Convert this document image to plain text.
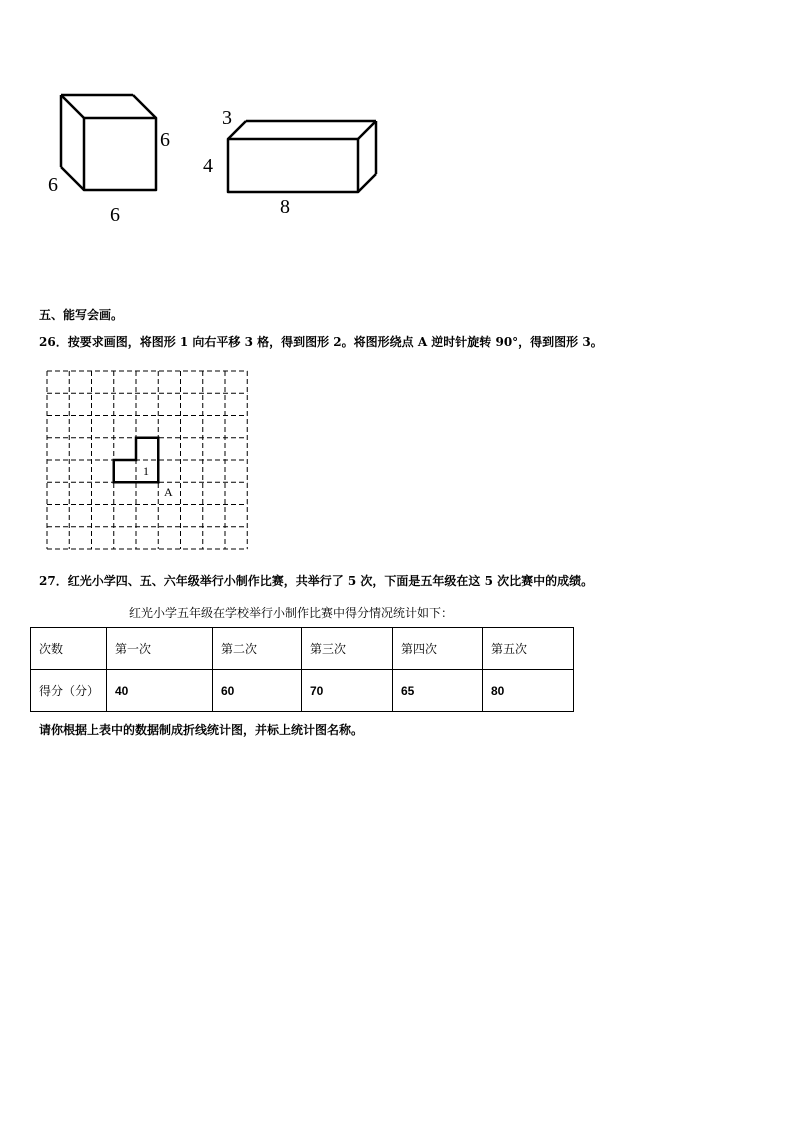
6
6
6
3
4
8
五、能写会画。
26．按要求画图，将图形 1 向右平移 3 格，得到图形 2。将图形绕点 A 逆时针旋转 90°，得到图形 3。
1
A
27．红光小学四、五、六年级举行小制作比赛，共举行了 5 次，下面是五年级在这 5 次比赛中的成绩。
红光小学五年级在学校举行小制作比赛中得分情况统计如下：
次数	第一次	第二次	第三次	第四次	第五次
得分（分）	40	60	70	65	80
请你根据上表中的数据制成折线统计图，并标上统计图名称。
